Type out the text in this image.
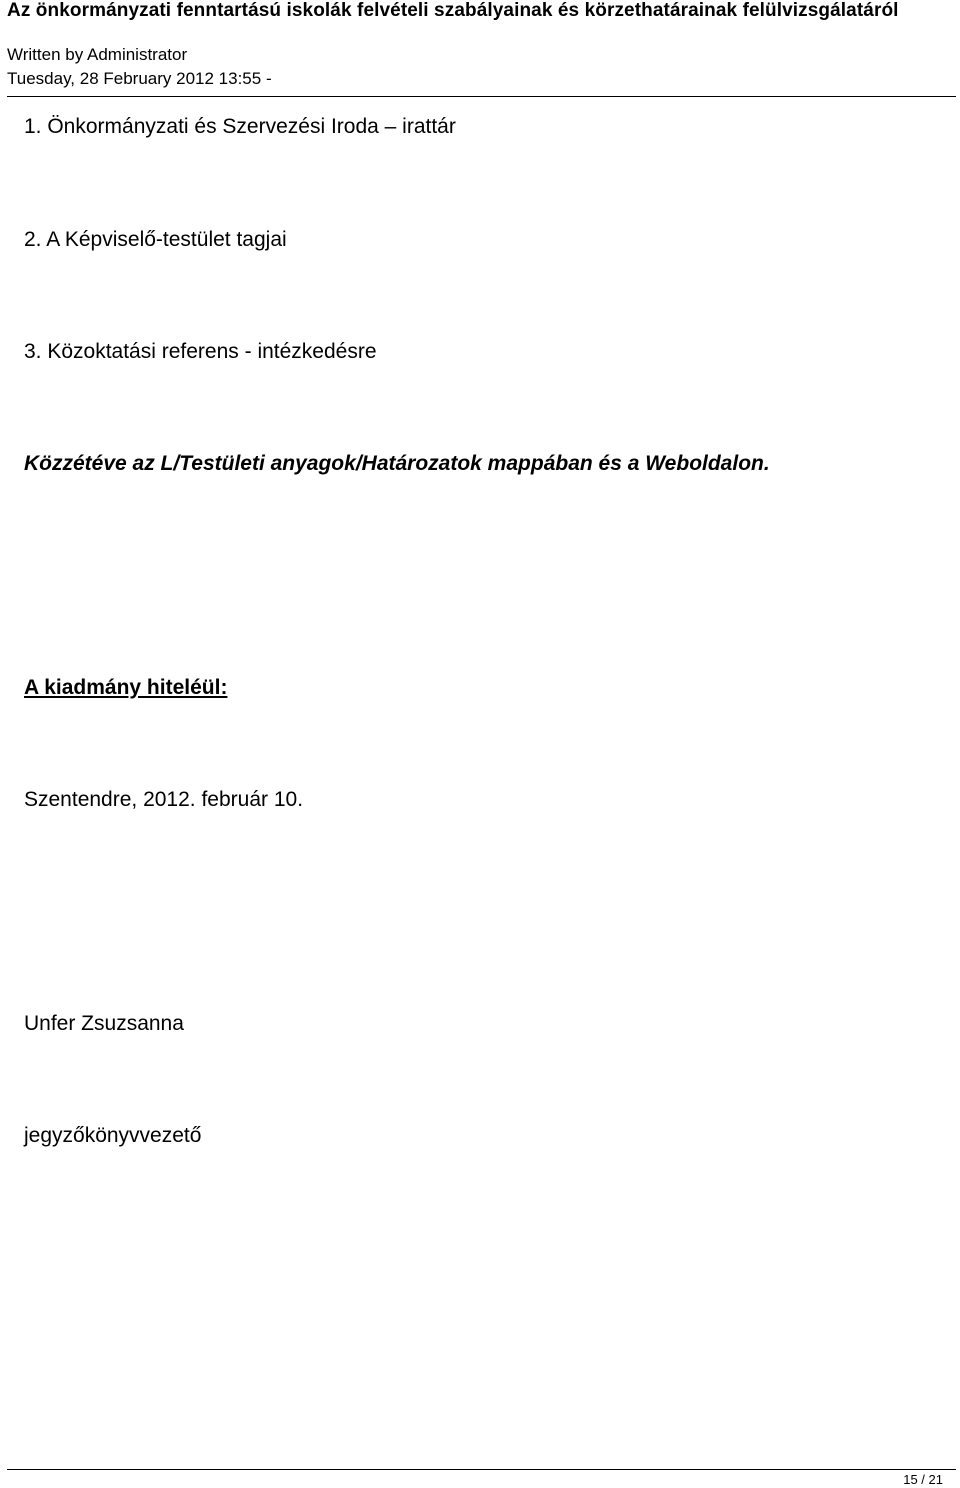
Az önkormányzati fenntartású iskolák felvételi szabályainak és körzethatárainak felülvizsgálatáról
Written by Administrator
Tuesday, 28 February 2012 13:55 -
1. Önkormányzati és Szervezési Iroda – irattár
2. A Képviselő-testület tagjai
3. Közoktatási referens - intézkedésre
Közzétéve az L/Testületi anyagok/Határozatok mappában és a Weboldalon.
A kiadmány hiteléül:
Szentendre, 2012. február 10.
Unfer Zsuzsanna
jegyzőkönyvvezető
15 / 21
